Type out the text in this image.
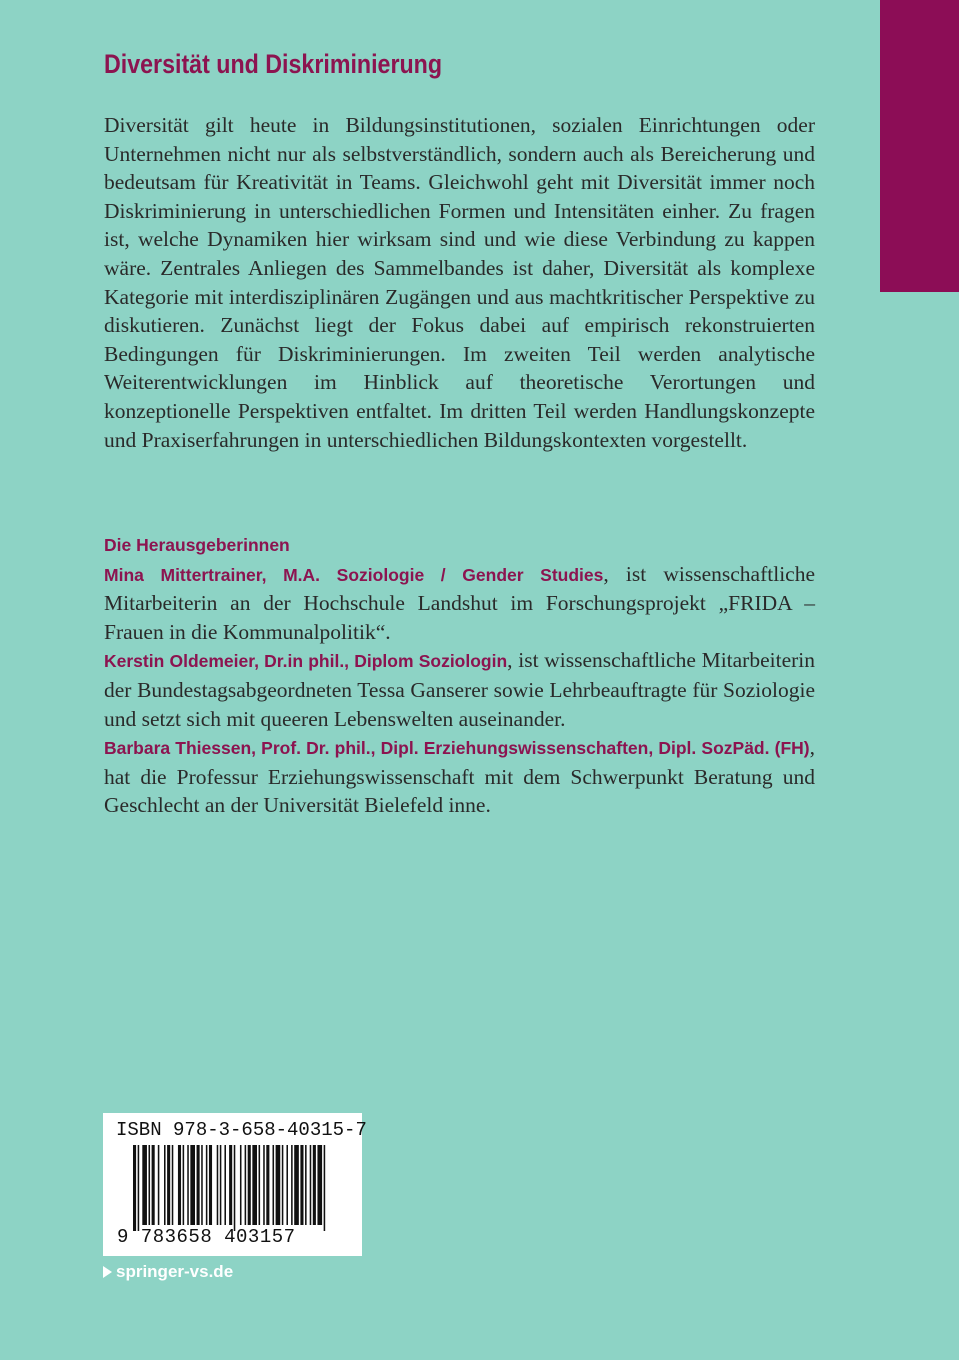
Diversität und Diskriminierung

Diversität gilt heute in Bildungsinstitutionen, sozialen Einrichtungen oder Unternehmen nicht nur als selbstverständlich, sondern auch als Bereicherung und bedeutsam für Kreativität in Teams. Gleichwohl geht mit Diversität immer noch Diskriminierung in unterschiedlichen Formen und Intensitäten einher. Zu fragen ist, welche Dynamiken hier wirksam sind und wie diese Verbindung zu kappen wäre. Zentrales Anliegen des Sammelbandes ist daher, Diversität als komplexe Kategorie mit interdisziplinären Zugängen und aus machtkritischer Perspektive zu diskutieren. Zunächst liegt der Fokus dabei auf empirisch rekonstruierten Bedingungen für Diskriminierungen. Im zweiten Teil werden analytische Weiterentwicklungen im Hinblick auf theoretische Verortungen und konzeptionelle Perspektiven entfaltet. Im dritten Teil werden Handlungskonzepte und Praxiserfahrungen in unterschiedlichen Bildungskontexten vorgestellt.

Die Herausgeberinnen

Mina Mittertrainer, M.A. Soziologie / Gender Studies, ist wissenschaftliche Mitarbeiterin an der Hochschule Landshut im Forschungsprojekt „FRIDA – Frauen in die Kommunalpolitik“.

Kerstin Oldemeier, Dr.in phil., Diplom Soziologin, ist wissenschaftliche Mitarbeiterin der Bundestagsabgeordneten Tessa Ganserer sowie Lehrbeauftragte für Soziologie und setzt sich mit queeren Lebenswelten auseinander.

Barbara Thiessen, Prof. Dr. phil., Dipl. Erziehungswissenschaften, Dipl. SozPäd. (FH), hat die Professur Erziehungswissenschaft mit dem Schwerpunkt Beratung und Geschlecht an der Universität Bielefeld inne.

ISBN 978-3-658-40315-7

9 783658 403157

springer-vs.de
